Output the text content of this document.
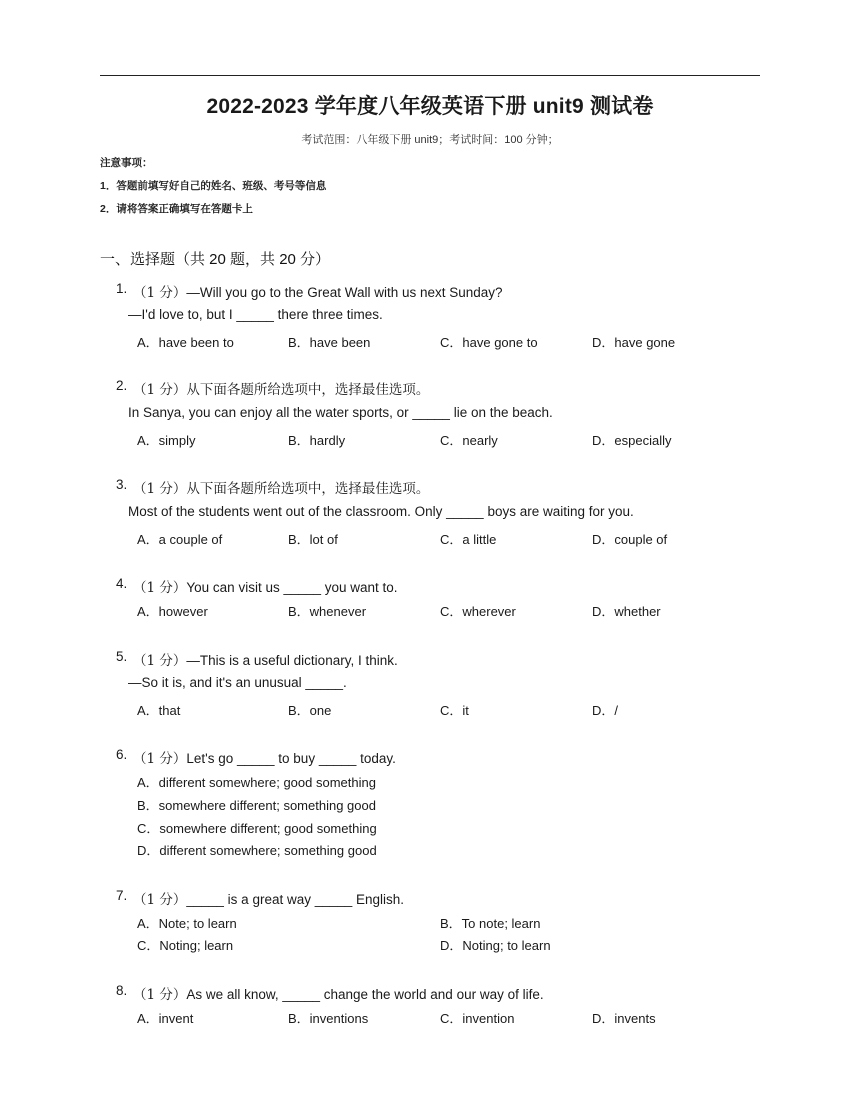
2022-2023 学年度八年级英语下册 unit9 测试卷
考试范围：八年级下册 unit9；考试时间：100 分钟；
注意事项：
1．答题前填写好自己的姓名、班级、考号等信息
2．请将答案正确填写在答题卡上
一、选择题（共 20 题，共 20 分）
1. （1 分）—Will you go to the Great Wall with us next Sunday?
—I'd love to, but I _____ there three times.
A．have been to	B．have been	C．have gone to	D．have gone
2. （1 分）从下面各题所给选项中，选择最佳选项。
In Sanya, you can enjoy all the water sports, or _____ lie on the beach.
A．simply	B．hardly	C．nearly	D．especially
3. （1 分）从下面各题所给选项中，选择最佳选项。
Most of the students went out of the classroom. Only _____ boys are waiting for you.
A．a couple of	B．lot of	C．a little	D．couple of
4. （1 分）You can visit us _____ you want to.
A．however	B．whenever	C．wherever	D．whether
5. （1 分）—This is a useful dictionary, I think.
—So it is, and it's an unusual _____.
A．that	B．one	C．it	D．/
6. （1 分）Let's go _____ to buy _____ today.
A．different somewhere; good something
B．somewhere different; something good
C．somewhere different; good something
D．different somewhere; something good
7. （1 分）_____ is a great way _____ English.
A．Note; to learn	B．To note; learn
C．Noting; learn	D．Noting; to learn
8. （1 分）As we all know, _____ change the world and our way of life.
A．invent	B．inventions	C．invention	D．invents
